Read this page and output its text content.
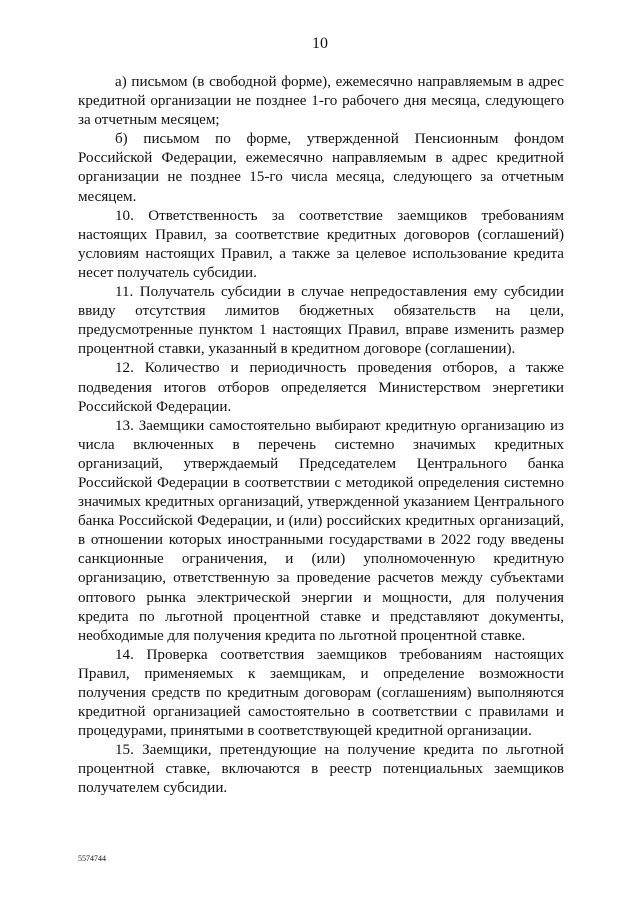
10

а) письмом (в свободной форме), ежемесячно направляемым в адрес кредитной организации не позднее 1-го рабочего дня месяца, следующего за отчетным месяцем;

б) письмом по форме, утвержденной Пенсионным фондом Российской Федерации, ежемесячно направляемым в адрес кредитной организации не позднее 15-го числа месяца, следующего за отчетным месяцем.

10. Ответственность за соответствие заемщиков требованиям настоящих Правил, за соответствие кредитных договоров (соглашений) условиям настоящих Правил, а также за целевое использование кредита несет получатель субсидии.

11. Получатель субсидии в случае непредоставления ему субсидии ввиду отсутствия лимитов бюджетных обязательств на цели, предусмотренные пунктом 1 настоящих Правил, вправе изменить размер процентной ставки, указанный в кредитном договоре (соглашении).

12. Количество и периодичность проведения отборов, а также подведения итогов отборов определяется Министерством энергетики Российской Федерации.

13. Заемщики самостоятельно выбирают кредитную организацию из числа включенных в перечень системно значимых кредитных организаций, утверждаемый Председателем Центрального банка Российской Федерации в соответствии с методикой определения системно значимых кредитных организаций, утвержденной указанием Центрального банка Российской Федерации, и (или) российских кредитных организаций, в отношении которых иностранными государствами в 2022 году введены санкционные ограничения, и (или) уполномоченную кредитную организацию, ответственную за проведение расчетов между субъектами оптового рынка электрической энергии и мощности, для получения кредита по льготной процентной ставке и представляют документы, необходимые для получения кредита по льготной процентной ставке.

14. Проверка соответствия заемщиков требованиям настоящих Правил, применяемых к заемщикам, и определение возможности получения средств по кредитным договорам (соглашениям) выполняются кредитной организацией самостоятельно в соответствии с правилами и процедурами, принятыми в соответствующей кредитной организации.

15. Заемщики, претендующие на получение кредита по льготной процентной ставке, включаются в реестр потенциальных заемщиков получателем субсидии.

5574744
